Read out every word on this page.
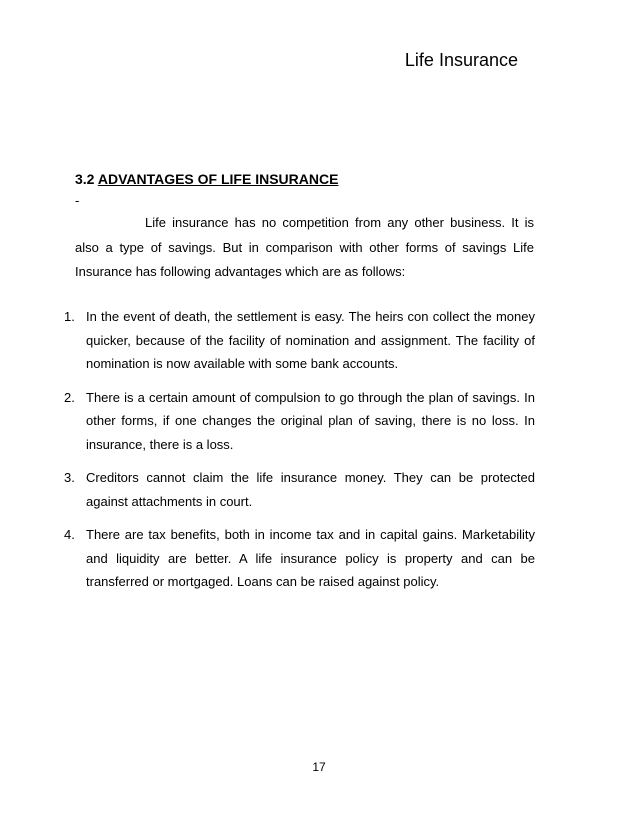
Life Insurance
3.2 ADVANTAGES OF LIFE INSURANCE
-
Life insurance has no competition from any other business. It is also a type of savings. But in comparison with other forms of savings Life Insurance has following advantages which are as follows:
1. In the event of death, the settlement is easy. The heirs con collect the money quicker, because of the facility of nomination and assignment. The facility of nomination is now available with some bank accounts.
2. There is a certain amount of compulsion to go through the plan of savings. In other forms, if one changes the original plan of saving, there is no loss. In insurance, there is a loss.
3. Creditors cannot claim the life insurance money. They can be protected against attachments in court.
4. There are tax benefits, both in income tax and in capital gains. Marketability and liquidity are better. A life insurance policy is property and can be transferred or mortgaged. Loans can be raised against policy.
17
